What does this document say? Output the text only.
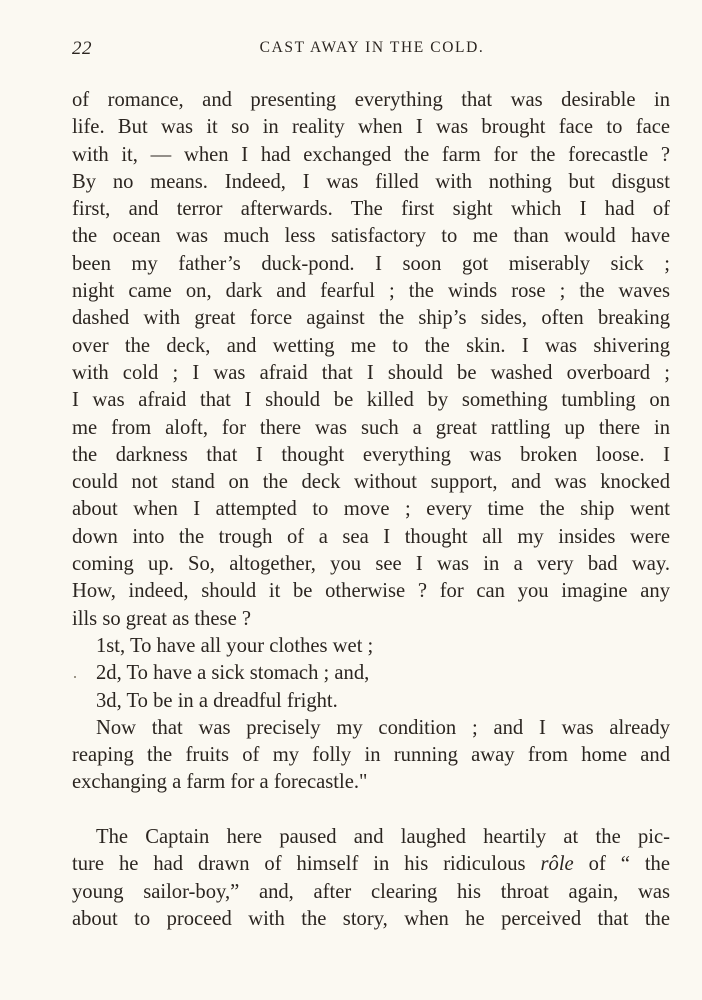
22	CAST AWAY IN THE COLD.
of romance, and presenting everything that was desirable in
life. But was it so in reality when I was brought face to face
with it, — when I had exchanged the farm for the forecastle ?
By no means. Indeed, I was filled with nothing but disgust
first, and terror afterwards. The first sight which I had of
the ocean was much less satisfactory to me than would have
been my father’s duck-pond. I soon got miserably sick ;
night came on, dark and fearful ; the winds rose ; the waves
dashed with great force against the ship’s sides, often breaking
over the deck, and wetting me to the skin. I was shivering
with cold ; I was afraid that I should be washed overboard ;
I was afraid that I should be killed by something tumbling on
me from aloft, for there was such a great rattling up there in
the darkness that I thought everything was broken loose. I
could not stand on the deck without support, and was knocked
about when I attempted to move ; every time the ship went
down into the trough of a sea I thought all my insides were
coming up. So, altogether, you see I was in a very bad way.
How, indeed, should it be otherwise ? for can you imagine any
ills so great as these ?
1st, To have all your clothes wet ;
2d, To have a sick stomach ; and,
3d, To be in a dreadful fright.
Now that was precisely my condition ; and I was already
reaping the fruits of my folly in running away from home and
exchanging a farm for a forecastle."
The Captain here paused and laughed heartily at the pic-
ture he had drawn of himself in his ridiculous rôle of “ the
young sailor-boy,” and, after clearing his throat again, was
about to proceed with the story, when he perceived that the
